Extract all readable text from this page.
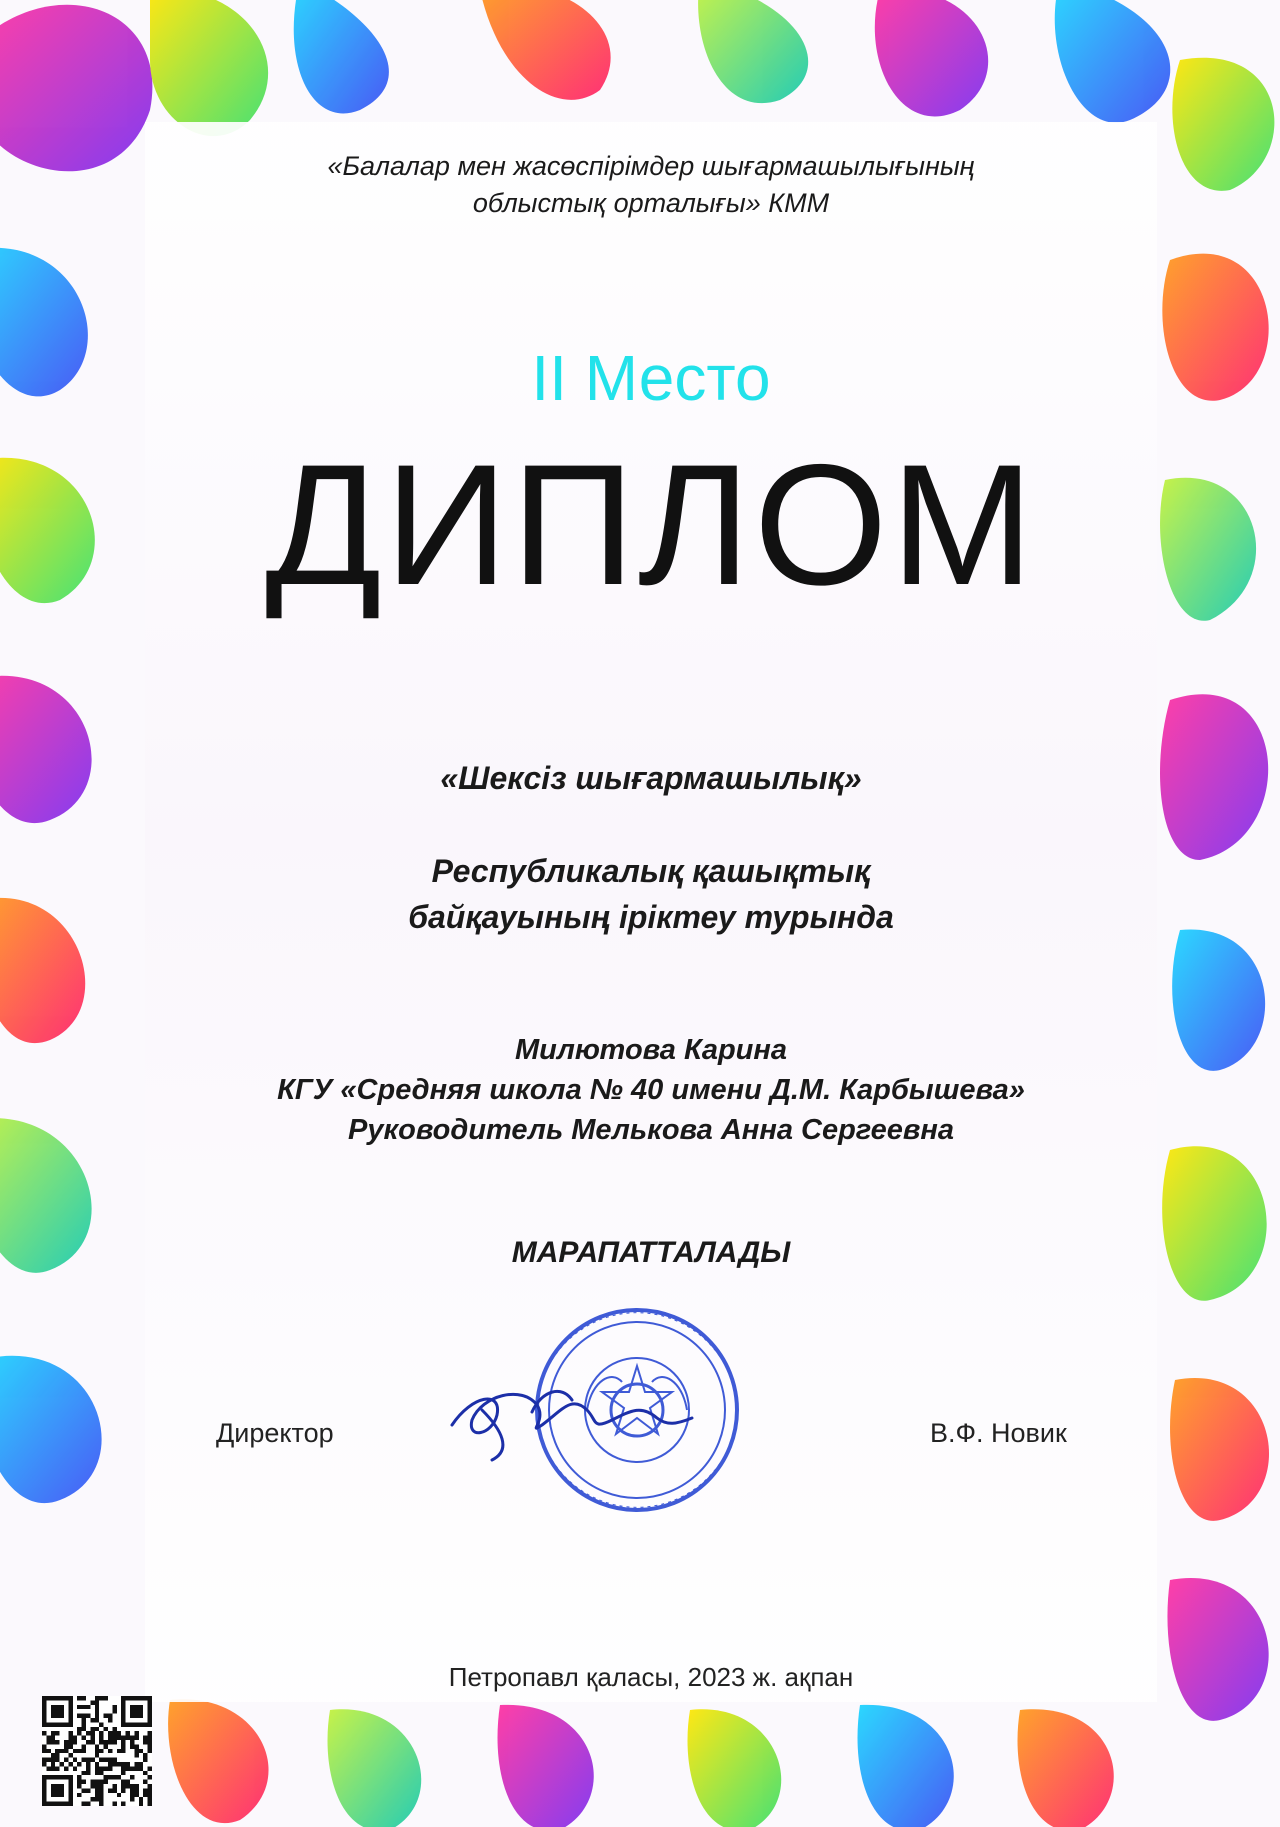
«Балалар мен жасөспірімдер шығармашылығының
облыстық орталығы» КММ
II Место
ДИПЛОМ
«Шексіз шығармашылық»
Республикалық қашықтық
байқауының іріктеу турында
Милютова Карина
КГУ «Средняя школа № 40 имени Д.М. Карбышева»
Руководитель Мелькова Анна Сергеевна
МАРАПАТТАЛАДЫ
Директор	В.Ф. Новик
Петропавл қаласы, 2023 ж. ақпан
